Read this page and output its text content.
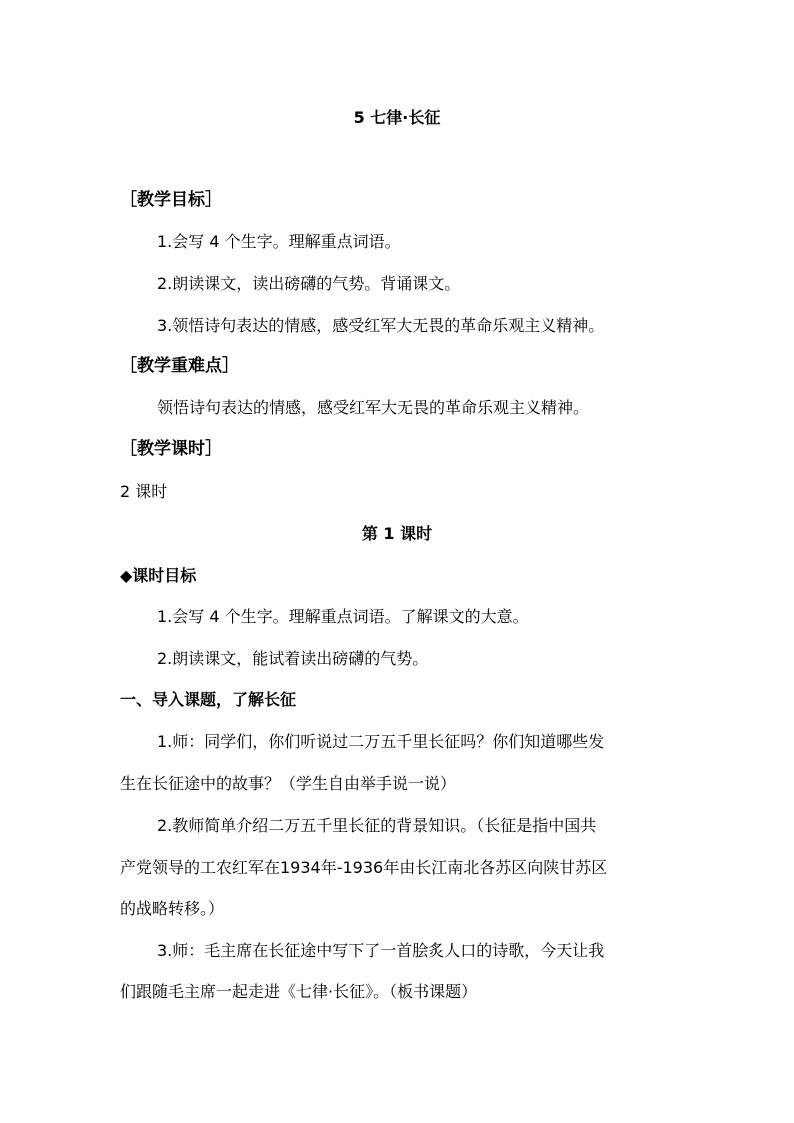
5 七律·长征
［教学目标］
1.会写 4 个生字。理解重点词语。
2.朗读课文，读出磅礴的气势。背诵课文。
3.领悟诗句表达的情感，感受红军大无畏的革命乐观主义精神。
［教学重难点］
领悟诗句表达的情感，感受红军大无畏的革命乐观主义精神。
［教学课时］
2 课时
第 1 课时
◆课时目标
1.会写 4 个生字。理解重点词语。了解课文的大意。
2.朗读课文，能试着读出磅礴的气势。
一、导入课题，了解长征
1.师：同学们，你们听说过二万五千里长征吗？你们知道哪些发
生在长征途中的故事？（学生自由举手说一说）
2.教师简单介绍二万五千里长征的背景知识。（长征是指中国共
产党领导的工农红军在1934年-1936年由长江南北各苏区向陕甘苏区
的战略转移。）
3.师：毛主席在长征途中写下了一首脍炙人口的诗歌，今天让我
们跟随毛主席一起走进《七律·长征》。（板书课题）
